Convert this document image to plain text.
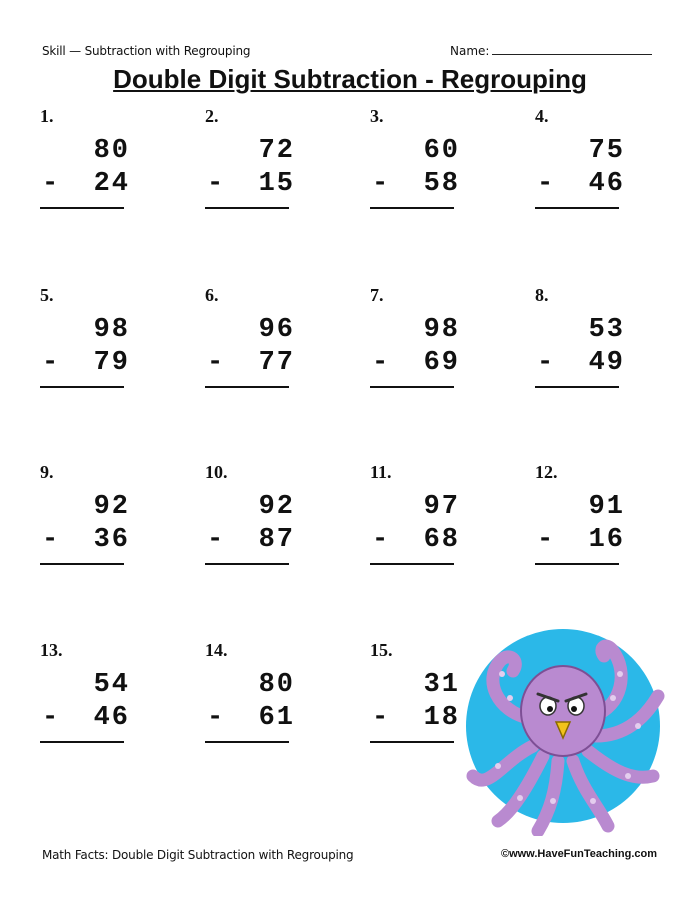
Skill — Subtraction with Regrouping	Name:
Double Digit Subtraction - Regrouping
1.
80
- 24
2.
72
- 15
3.
60
- 58
4.
75
- 46
5.
98
- 79
6.
96
- 77
7.
98
- 69
8.
53
- 49
9.
92
- 36
10.
92
- 87
11.
97
- 68
12.
91
- 16
13.
54
- 46
14.
80
- 61
15.
31
- 18
Math Facts: Double Digit Subtraction with Regrouping	©www.HaveFunTeaching.com
